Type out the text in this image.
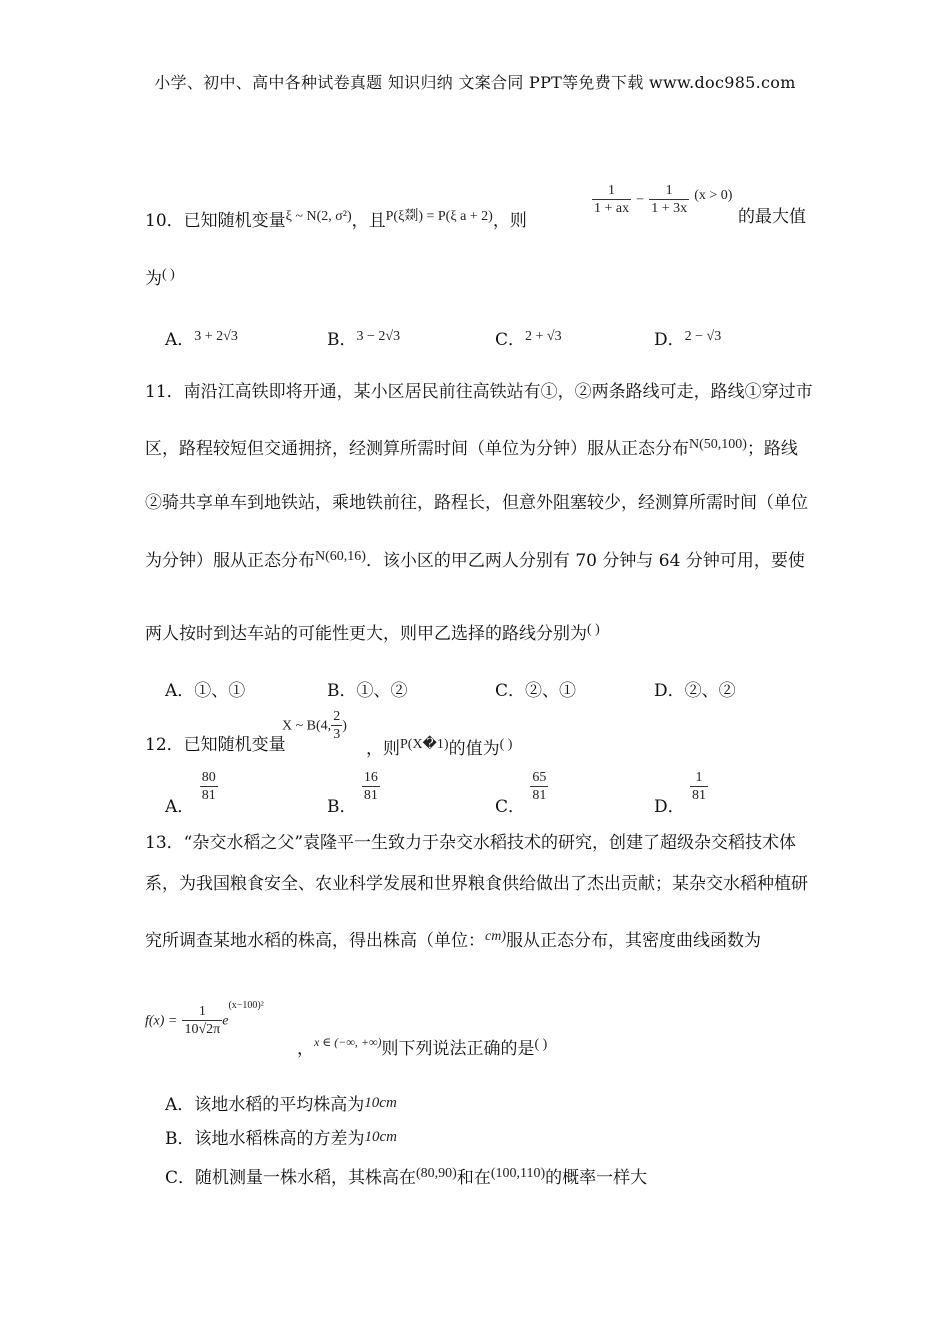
小学、初中、高中各种试卷真题 知识归纳 文案合同 PPT等免费下载 www.doc985.com
10．已知随机变量$^{\xi \sim N(2, \sigma^2)}$，且$^{P(\xi 剟) = P(\xi a + 2)}$，则
$\frac{1}{1 + ax} - \frac{1}{1 + 3x} (x > 0)$
的最大值
为( )
A．$^{3 + 2√3}$	B．$^{3 - 2√3}$	C．$^{2 + √3}$	D．$^{2 - √3}$
11．南沿江高铁即将开通，某小区居民前往高铁站有①，②两条路线可走，路线①穿过市
区，路程较短但交通拥挤，经测算所需时间（单位为分钟）服从正态分布$^{N(50,100)}$；路线
②骑共享单车到地铁站，乘地铁前往，路程长，但意外阻塞较少，经测算所需时间（单位
为分钟）服从正态分布$^{N(60,16)}$．该小区的甲乙两人分别有 70 分钟与 64 分钟可用，要使
两人按时到达车站的可能性更大，则甲乙选择的路线分别为( )
A．①、①	B．①、②	C．②、①	D．②、②
12．已知随机变量
X ~ B(4, $\frac{2}{3}$ )
，则$^{P(X�1)}$的值为( )
A．
$\frac{80}{81}$
B．
$\frac{16}{81}$
C．
$\frac{65}{81}$
D．
$\frac{1}{81}$
13．“杂交水稻之父”袁隆平一生致力于杂交水稻技术的研究，创建了超级杂交稻技术体
系，为我国粮食安全、农业科学发展和世界粮食供给做出了杰出贡献；某杂交水稻种植研
究所调查某地水稻的株高，得出株高（单位：$^{cm)}$服从正态分布，其密度曲线函数为
$f(x) = \frac{1}{10√2\pi} e^{(x-100)^2}$
，$^{x \in (-\infty, +\infty)}$则下列说法正确的是( )
A．该地水稻的平均株高为10cm
B．该地水稻株高的方差为10cm
C．随机测量一株水稻，其株高在$^{(80,90)}$和在$^{(100,110)}$的概率一样大
